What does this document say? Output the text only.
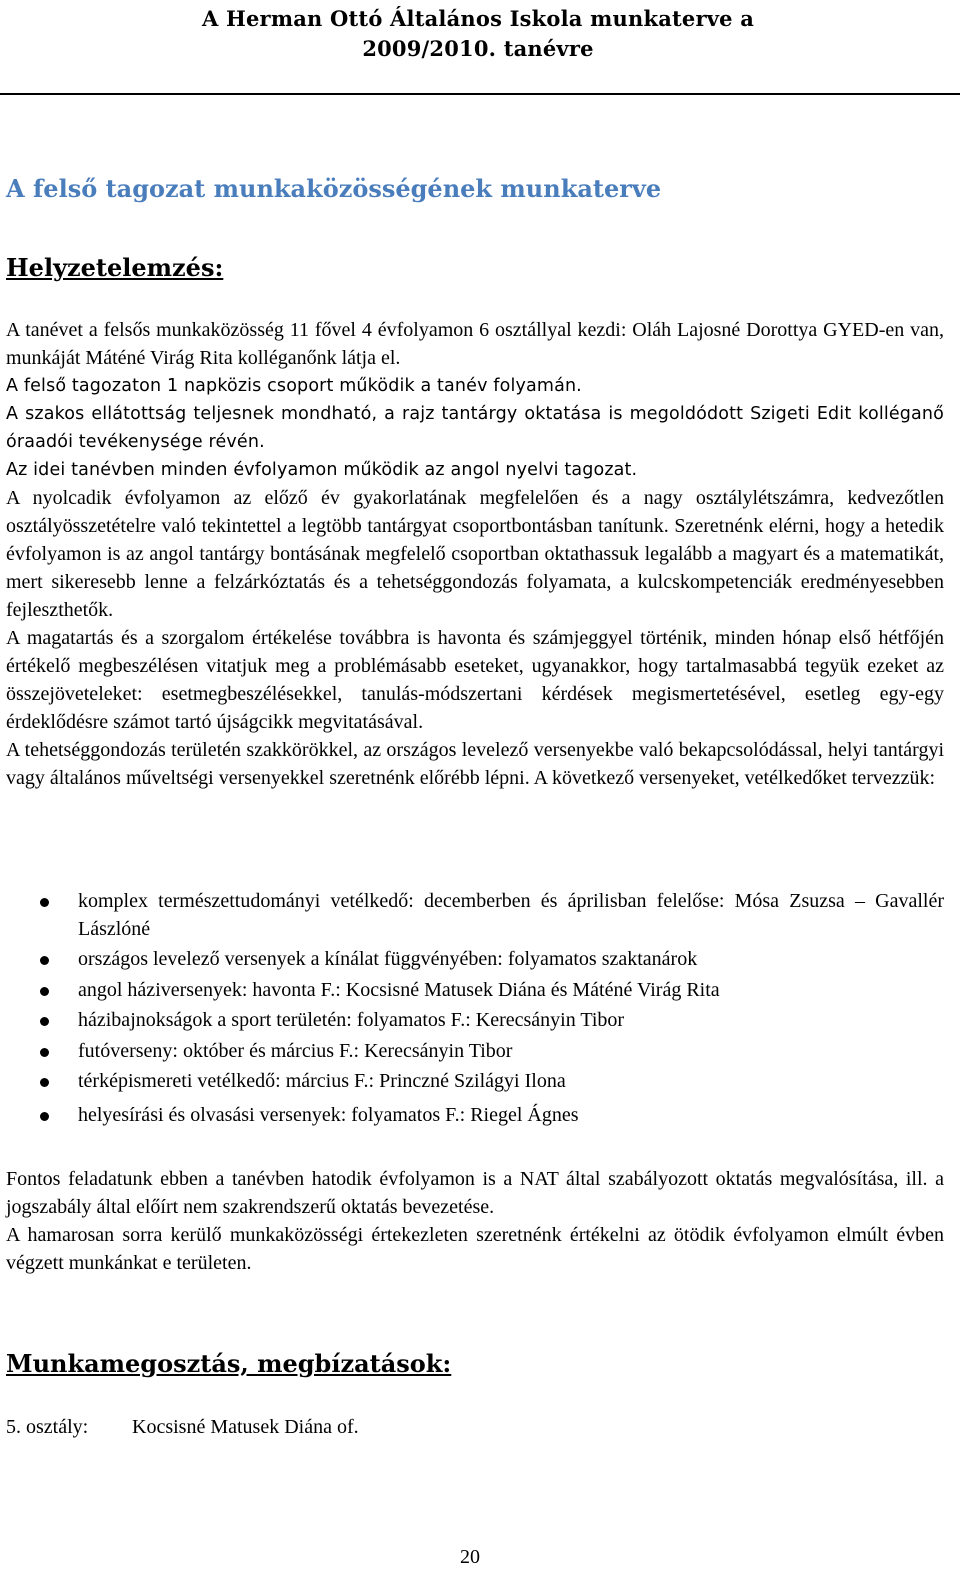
A Herman Ottó Általános Iskola munkaterve a
2009/2010. tanévre
A felső tagozat munkaközösségének munkaterve
Helyzetelemzés:

A tanévet a felsős munkaközösség 11 fővel 4 évfolyamon 6 osztállyal kezdi: Oláh Lajosné Dorottya GYED-en van, munkáját Máténé Virág Rita kolléganőnk látja el.

A felső tagozaton 1 napközis csoport működik a tanév folyamán.

A szakos ellátottság teljesnek mondható, a rajz tantárgy oktatása is megoldódott Szigeti Edit kolléganő óraadói tevékenysége révén.

Az idei tanévben minden évfolyamon működik az angol nyelvi tagozat.

A nyolcadik évfolyamon az előző év gyakorlatának megfelelően és a nagy osztálylétszámra, kedvezőtlen osztályösszetételre való tekintettel a legtöbb tantárgyat csoportbontásban tanítunk. Szeretnénk elérni, hogy a hetedik évfolyamon is az angol tantárgy bontásának megfelelő csoportban oktathassuk legalább a magyart és a matematikát, mert sikeresebb lenne a felzárkóztatás és a tehetséggondozás folyamata, a kulcskompetenciák eredményesebben fejleszthetők.

A magatartás és a szorgalom értékelése továbbra is havonta és számjeggyel történik, minden hónap első hétfőjén értékelő megbeszélésen vitatjuk meg a problémásabb eseteket, ugyanakkor, hogy tartalmasabbá tegyük ezeket az összejöveteleket: esetmegbeszélésekkel, tanulás-módszertani kérdések megismertetésével, esetleg egy-egy érdeklődésre számot tartó újságcikk megvitatásával.

A tehetséggondozás területén szakkörökkel, az országos levelező versenyekbe való bekapcsolódással, helyi tantárgyi vagy általános műveltségi versenyekkel szeretnénk előrébb lépni. A következő versenyeket, vetélkedőket tervezzük:

komplex természettudományi vetélkedő: decemberben és áprilisban felelőse: Mósa Zsuzsa – Gavallér Lászlóné
országos levelező versenyek a kínálat függvényében: folyamatos szaktanárok
angol háziversenyek: havonta F.: Kocsisné Matusek Diána és Máténé Virág Rita
házibajnokságok a sport területén: folyamatos F.: Kerecsányin Tibor
futóverseny: október és március F.: Kerecsányin Tibor
térképismereti vetélkedő: március F.: Princzné Szilágyi Ilona
helyesírási és olvasási versenyek: folyamatos F.: Riegel Ágnes

Fontos feladatunk ebben a tanévben hatodik évfolyamon is a NAT által szabályozott oktatás megvalósítása, ill. a jogszabály által előírt nem szakrendszerű oktatás bevezetése.

A hamarosan sorra kerülő munkaközösségi értekezleten szeretnénk értékelni az ötödik évfolyamon elmúlt évben végzett munkánkat e területen.

Munkamegosztás, megbízatások:
5. osztály: Kocsisné Matusek Diána of.
20
